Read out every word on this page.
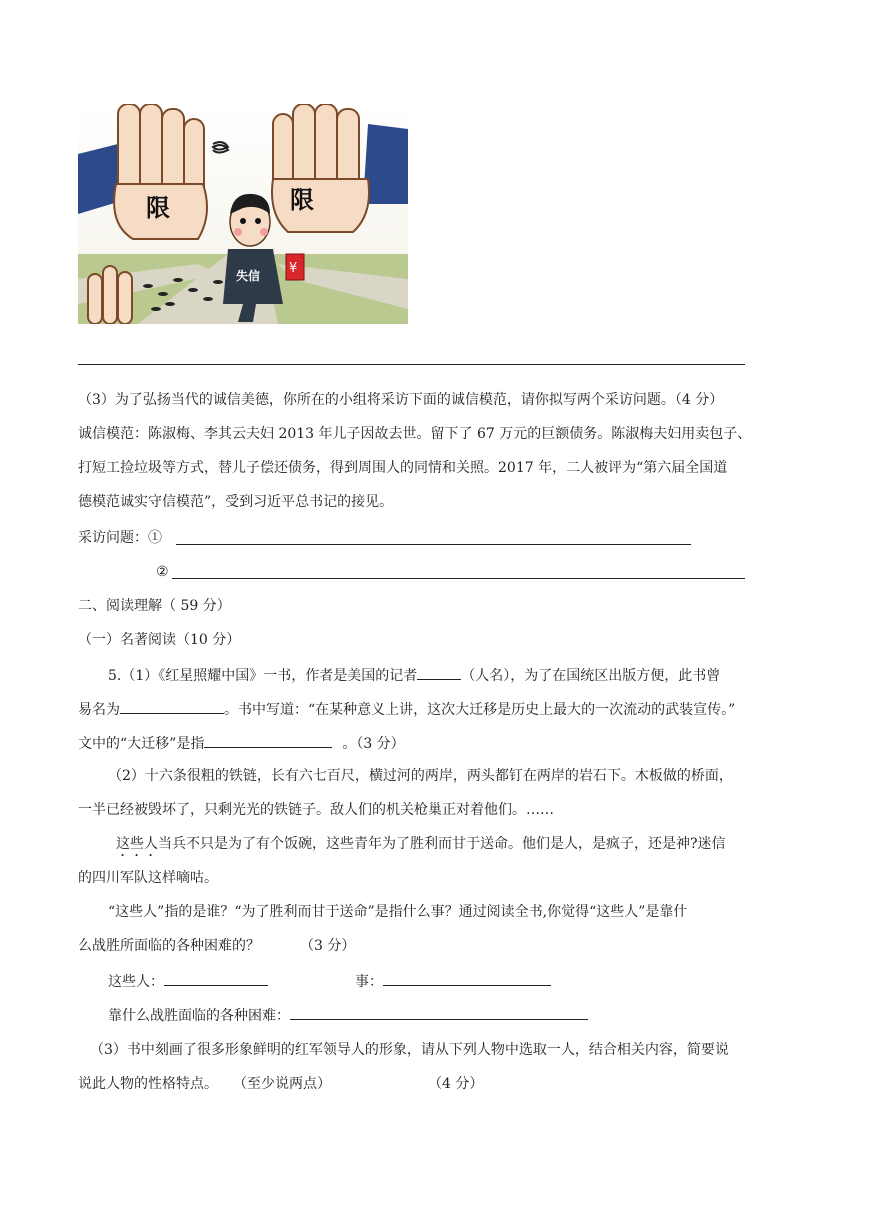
限	限
失信 ¥
（3）为了弘扬当代的诚信美德，你所在的小组将采访下面的诚信模范，请你拟写两个采访问题。（4 分）
诚信模范：陈淑梅、李其云夫妇 2013 年儿子因故去世。留下了 67 万元的巨额债务。陈淑梅夫妇用卖包子、
打短工捡垃圾等方式，替儿子偿还债务，得到周围人的同情和关照。2017 年，二人被评为“第六届全国道
德模范诚实守信模范”，受到习近平总书记的接见。
采访问题：①
②
二、阅读理解（ 59 分）
（一）名著阅读（10 分）
5.（1）《红星照耀中国》一书，作者是美国的记者	（人名），为了在国统区出版方便，此书曾
易名为	。书中写道：“在某种意义上讲，这次大迁移是历史上最大的一次流动的武装宣传。”
文中的“大迁移”是指	。（3 分）
（2）十六条很粗的铁链，长有六七百尺，横过河的两岸，两头都钉在两岸的岩石下。木板做的桥面，
一半已经被毁坏了，只剩光光的铁链子。敌人们的机关枪巢正对着他们。……
这些人当兵不只是为了有个饭碗，这些青年为了胜利而甘于送命。他们是人，是疯子，还是神?迷信
的四川军队这样嘀咕。
“这些人”指的是谁？“为了胜利而甘于送命”是指什么事？通过阅读全书,你觉得“这些人”是靠什
么战胜所面临的各种困难的？	（3 分）
这些人：	事：
靠什么战胜面临的各种困难：
（3）书中刻画了很多形象鲜明的红军领导人的形象，请从下列人物中选取一人，结合相关内容，简要说
说此人物的性格特点。 （至少说两点）	（4 分）
